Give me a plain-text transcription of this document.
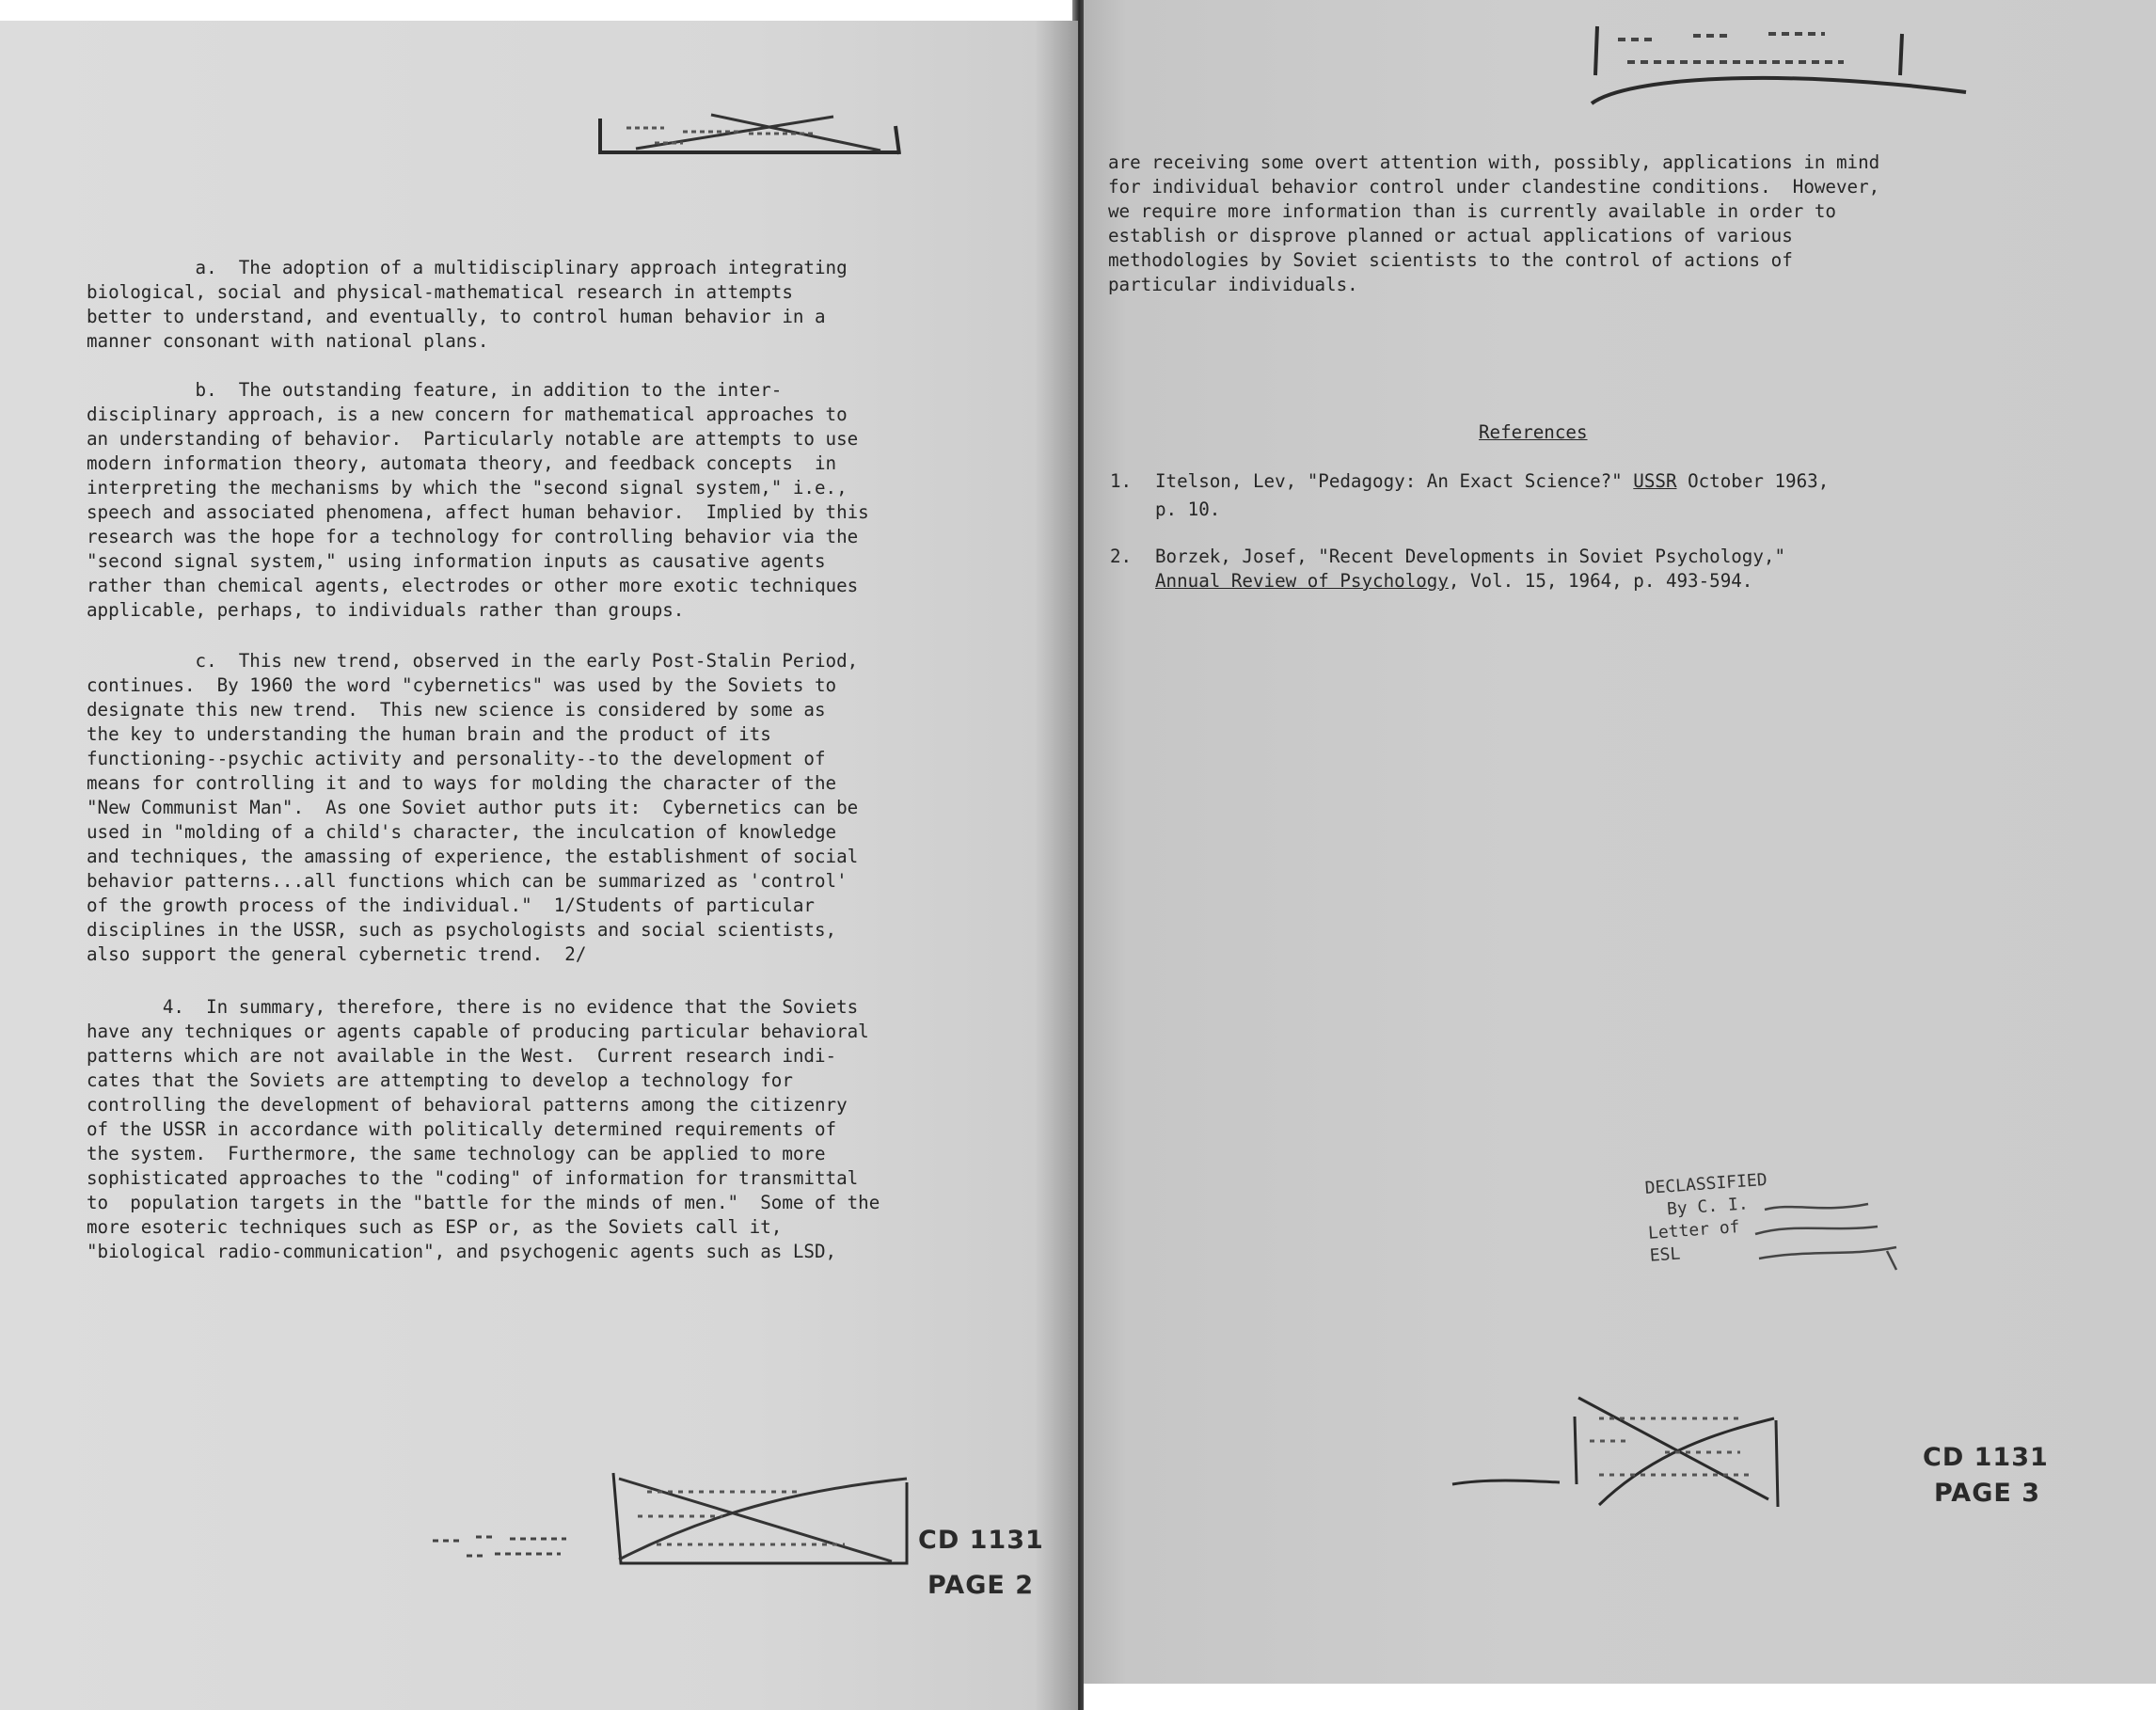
a.  The adoption of a multidisciplinary approach integrating
biological, social and physical-mathematical research in attempts
better to understand, and eventually, to control human behavior in a
manner consonant with national plans.

b.  The outstanding feature, in addition to the inter-
disciplinary approach, is a new concern for mathematical approaches to
an understanding of behavior.  Particularly notable are attempts to use
modern information theory, automata theory, and feedback concepts  in
interpreting the mechanisms by which the "second signal system," i.e.,
speech and associated phenomena, affect human behavior.  Implied by this
research was the hope for a technology for controlling behavior via the
"second signal system," using information inputs as causative agents
rather than chemical agents, electrodes or other more exotic techniques
applicable, perhaps, to individuals rather than groups.

c.  This new trend, observed in the early Post-Stalin Period,
continues.  By 1960 the word "cybernetics" was used by the Soviets to
designate this new trend.  This new science is considered by some as
the key to understanding the human brain and the product of its
functioning--psychic activity and personality--to the development of
means for controlling it and to ways for molding the character of the
"New Communist Man".  As one Soviet author puts it:  Cybernetics can be
used in "molding of a child's character, the inculcation of knowledge
and techniques, the amassing of experience, the establishment of social
behavior patterns...all functions which can be summarized as 'control'
of the growth process of the individual."  1/Students of particular
disciplines in the USSR, such as psychologists and social scientists,
also support the general cybernetic trend.  2/

4.  In summary, therefore, there is no evidence that the Soviets
have any techniques or agents capable of producing particular behavioral
patterns which are not available in the West.  Current research indi-
cates that the Soviets are attempting to develop a technology for
controlling the development of behavioral patterns among the citizenry
of the USSR in accordance with politically determined requirements of
the system.  Furthermore, the same technology can be applied to more
sophisticated approaches to the "coding" of information for transmittal
to  population targets in the "battle for the minds of men."  Some of the
more esoteric techniques such as ESP or, as the Soviets call it,
"biological radio-communication", and psychogenic agents such as LSD,

CD 1131

PAGE 2

are receiving some overt attention with, possibly, applications in mind
for individual behavior control under clandestine conditions.  However,
we require more information than is currently available in order to
establish or disprove planned or actual applications of various
methodologies by Soviet scientists to the control of actions of
particular individuals.

References

1. Itelson, Lev, "Pedagogy: An Exact Science?" USSR October 1963,

p. 10.

2. Borzek, Josef, "Recent Developments in Soviet Psychology,"

Annual Review of Psychology, Vol. 15, 1964, p. 493-594.

DECLASSIFIED
By C. I.
Letter of
ESL

CD 1131

PAGE 3
